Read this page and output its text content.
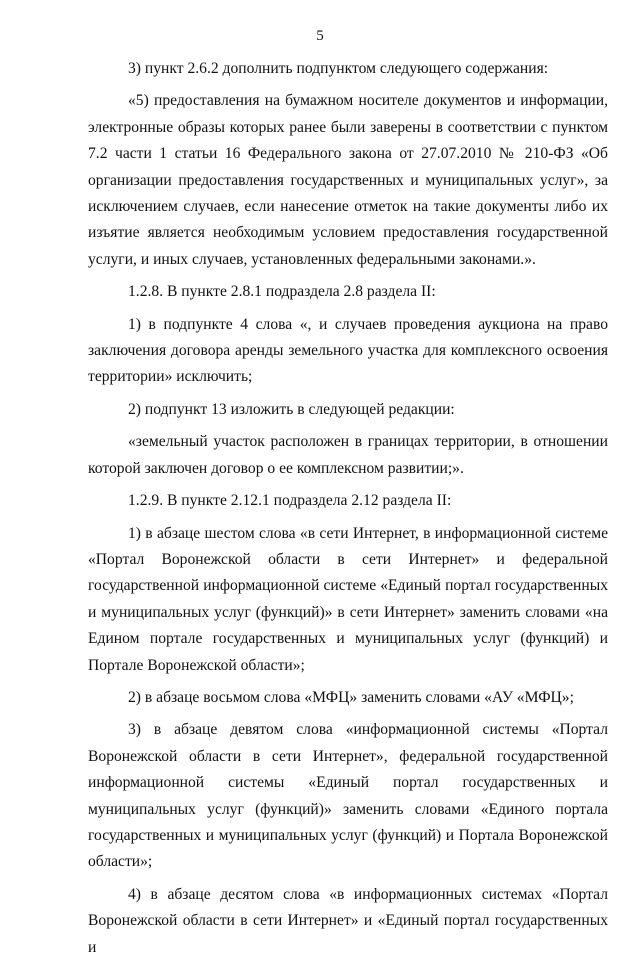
5

3) пункт 2.6.2 дополнить подпунктом следующего содержания:

«5) предоставления на бумажном носителе документов и информации, электронные образы которых ранее были заверены в соответствии с пунктом 7.2 части 1 статьи 16 Федерального закона от 27.07.2010 № 210-ФЗ «Об организации предоставления государственных и муниципальных услуг», за исключением случаев, если нанесение отметок на такие документы либо их изъятие является необходимым условием предоставления государственной услуги, и иных случаев, установленных федеральными законами.».

1.2.8. В пункте 2.8.1 подраздела 2.8 раздела II:

1) в подпункте 4 слова «, и случаев проведения аукциона на право заключения договора аренды земельного участка для комплексного освоения территории» исключить;

2) подпункт 13 изложить в следующей редакции:

«земельный участок расположен в границах территории, в отношении которой заключен договор о ее комплексном развитии;».

1.2.9. В пункте 2.12.1 подраздела 2.12 раздела II:

1) в абзаце шестом слова «в сети Интернет, в информационной системе «Портал Воронежской области в сети Интернет» и федеральной государственной информационной системе «Единый портал государственных и муниципальных услуг (функций)» в сети Интернет» заменить словами «на Едином портале государственных и муниципальных услуг (функций) и Портале Воронежской области»;

2) в абзаце восьмом слова «МФЦ» заменить словами «АУ «МФЦ»;

3) в абзаце девятом слова «информационной системы «Портал Воронежской области в сети Интернет», федеральной государственной информационной системы «Единый портал государственных и муниципальных услуг (функций)» заменить словами «Единого портала государственных и муниципальных услуг (функций) и Портала Воронежской области»;

4) в абзаце десятом слова «в информационных системах «Портал Воронежской области в сети Интернет» и «Единый портал государственных и
